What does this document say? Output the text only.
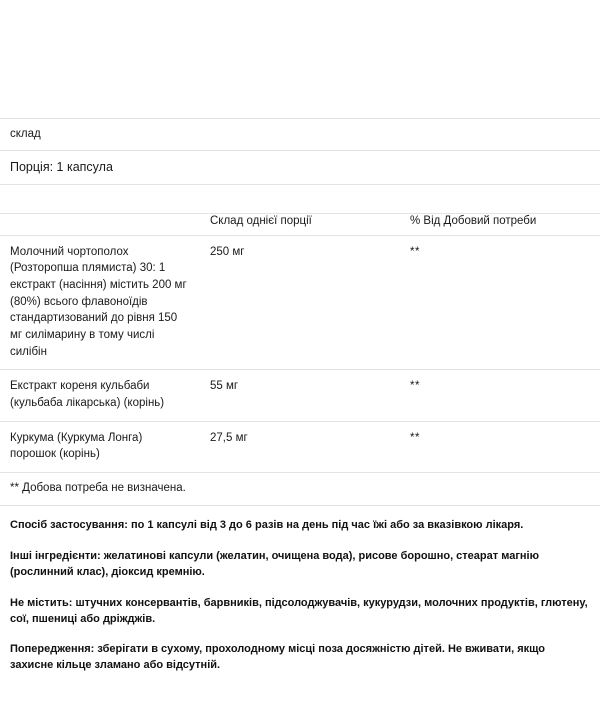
склад		
Порція: 1 капсула		

	Склад однієї порції	% Від Добовий потреби
Молочний чортополох (Розторопша плямиста) 30: 1 екстракт (насіння) містить 200 мг (80%) всього флавоноїдів стандартизований до рівня 150 мг силімарину в тому числі силібін	250 мг	**
Екстракт кореня кульбаби (кульбаба лікарська) (корінь)	55 мг	**
Куркума (Куркума Лонга) порошок (корінь)	27,5 мг	**
** Добова потреба не визначена.		

Спосіб застосування: по 1 капсулі від 3 до 6 разів на день під час їжі або за вказівкою лікаря.

Інші інгредієнти: желатинові капсули (желатин, очищена вода), рисове борошно, стеарат магнію (рослинний клас), діоксид кремнію.

Не містить: штучних консервантів, барвників, підсолоджувачів, кукурудзи, молочних продуктів, глютену, сої, пшениці або дріжджів.

Попередження: зберігати в сухому, прохолодному місці поза досяжністю дітей. Не вживати, якщо захисне кільце зламано або відсутній.
